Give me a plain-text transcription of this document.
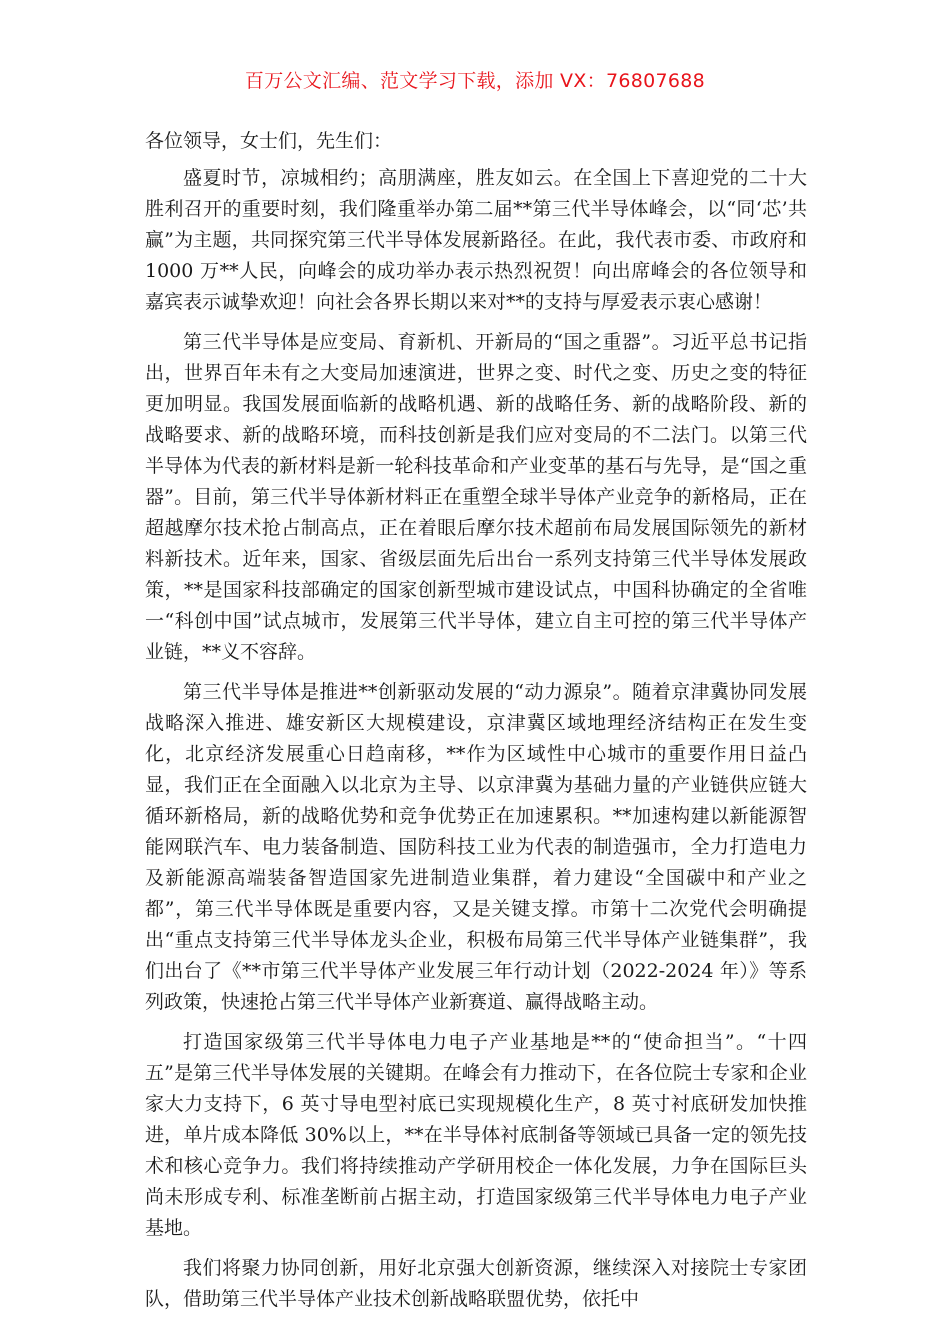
百万公文汇编、范文学习下载，添加 VX：76807688

各位领导，女士们，先生们：

盛夏时节，凉城相约；高朋满座，胜友如云。在全国上下喜迎党的二十大胜利召开的重要时刻，我们隆重举办第二届**第三代半导体峰会，以“同‘芯’共赢”为主题，共同探究第三代半导体发展新路径。在此，我代表市委、市政府和 1000 万**人民，向峰会的成功举办表示热烈祝贺！向出席峰会的各位领导和嘉宾表示诚挚欢迎！向社会各界长期以来对**的支持与厚爱表示衷心感谢！

第三代半导体是应变局、育新机、开新局的“国之重器”。习近平总书记指出，世界百年未有之大变局加速演进，世界之变、时代之变、历史之变的特征更加明显。我国发展面临新的战略机遇、新的战略任务、新的战略阶段、新的战略要求、新的战略环境，而科技创新是我们应对变局的不二法门。以第三代半导体为代表的新材料是新一轮科技革命和产业变革的基石与先导，是“国之重器”。目前，第三代半导体新材料正在重塑全球半导体产业竞争的新格局，正在超越摩尔技术抢占制高点，正在着眼后摩尔技术超前布局发展国际领先的新材料新技术。近年来，国家、省级层面先后出台一系列支持第三代半导体发展政策，**是国家科技部确定的国家创新型城市建设试点，中国科协确定的全省唯一“科创中国”试点城市，发展第三代半导体，建立自主可控的第三代半导体产业链，**义不容辞。

第三代半导体是推进**创新驱动发展的“动力源泉”。随着京津冀协同发展战略深入推进、雄安新区大规模建设，京津冀区域地理经济结构正在发生变化，北京经济发展重心日趋南移，**作为区域性中心城市的重要作用日益凸显，我们正在全面融入以北京为主导、以京津冀为基础力量的产业链供应链大循环新格局，新的战略优势和竞争优势正在加速累积。**加速构建以新能源智能网联汽车、电力装备制造、国防科技工业为代表的制造强市，全力打造电力及新能源高端装备智造国家先进制造业集群，着力建设“全国碳中和产业之都”，第三代半导体既是重要内容，又是关键支撑。市第十二次党代会明确提出“重点支持第三代半导体龙头企业，积极布局第三代半导体产业链集群”，我们出台了《**市第三代半导体产业发展三年行动计划（2022-2024 年）》等系列政策，快速抢占第三代半导体产业新赛道、赢得战略主动。

打造国家级第三代半导体电力电子产业基地是**的“使命担当”。“十四五”是第三代半导体发展的关键期。在峰会有力推动下，在各位院士专家和企业家大力支持下，6 英寸导电型衬底已实现规模化生产，8 英寸衬底研发加快推进，单片成本降低 30%以上，**在半导体衬底制备等领域已具备一定的领先技术和核心竞争力。我们将持续推动产学研用校企一体化发展，力争在国际巨头尚未形成专利、标准垄断前占据主动，打造国家级第三代半导体电力电子产业基地。

我们将聚力协同创新，用好北京强大创新资源，继续深入对接院士专家团队，借助第三代半导体产业技术创新战略联盟优势，依托中
